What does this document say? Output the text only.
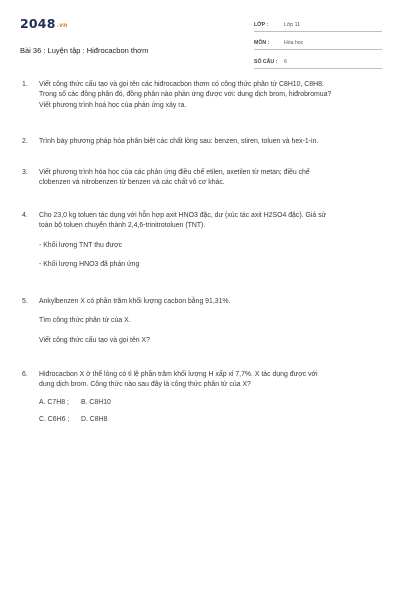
2048.vn
Bài 36 : Luyện tập : Hiđrocacbon thơm
LỚP :	Lớp 11
MÔN :	Hóa học
SỐ CÂU : 6
1. Viết công thức cấu tạo và gọi tên các hiđrocacbon thơm có công thức phân tử C8H10, C8H8.

Trong số các đồng phân đó, đồng phân nào phản ứng được với: dung dịch brom, hiđrobromua?

Viết phương trình hoá học của phản ứng xảy ra.

2. Trình bày phương pháp hóa phân biệt các chất lỏng sau: benzen, stiren, toluen và hex-1-in.

3. Viết phương trình hóa học của các phản ứng điều chế etilen, axetilen từ metan; điều chế

clobenzen và nitrobenzen từ benzen và các chất vô cơ khác.

4. Cho 23,0 kg toluen tác dụng với hỗn hợp axit HNO3 đặc, dư (xúc tác axit H2SO4 đặc). Giả sử

toàn bộ toluen chuyển thành 2,4,6-trinitrotoluen (TNT).

- Khối lượng TNT thu được

- Khối lượng HNO3 đã phản ứng

5. Ankylbenzen X có phần trăm khối lượng cacbon bằng 91,31%.

Tìm công thức phân tử của X.

Viết công thức cấu tạo và gọi tên X?

6. Hiđrocacbon X ở thể lỏng có tỉ lệ phần trăm khối lượng H xấp xỉ 7,7%. X tác dụng được với

dung dịch brom. Công thức nào sau đây là công thức phân tử của X?

A. C7H8 ; B. C8H10
C. C6H6 ; D. C8H8
